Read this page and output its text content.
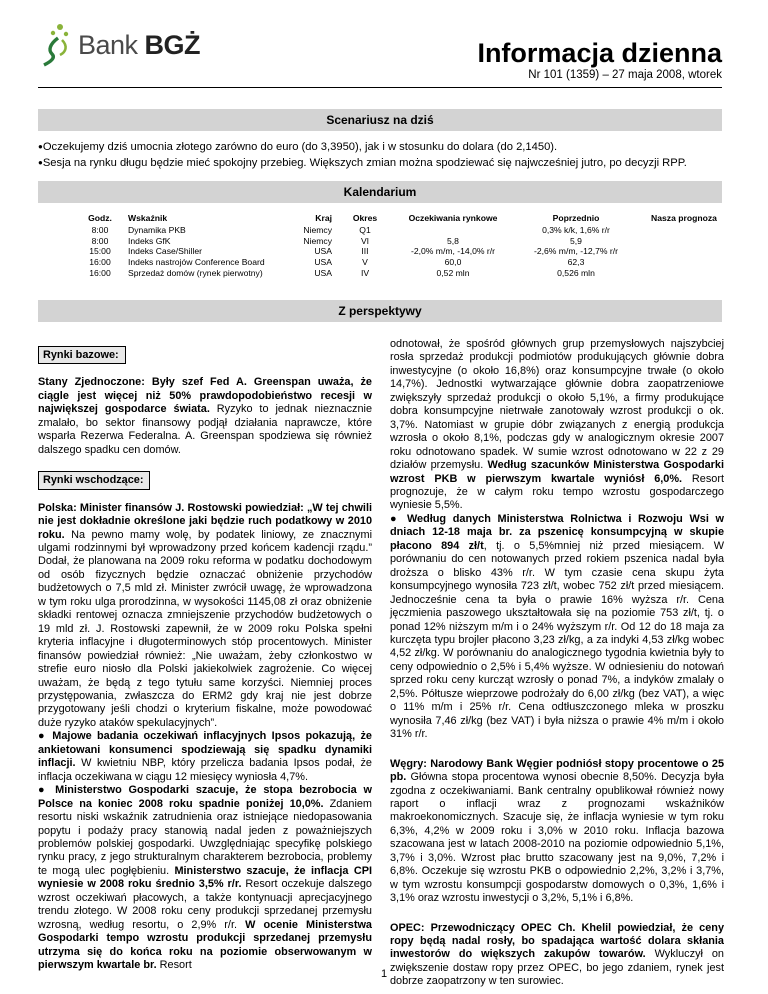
Bank BGŻ	Informacja dzienna
Nr 101 (1359) – 27 maja 2008, wtorek
Scenariusz na dziś
● Oczekujemy dziś umocnia złotego zarówno do euro (do 3,3950), jak i w stosunku do dolara (do 2,1450).
● Sesja na rynku długu będzie mieć spokojny przebieg. Większych zmian można spodziewać się najwcześniej jutro, po decyzji RPP.
Kalendarium
Godz.	Wskaźnik	Kraj	Okres	Oczekiwania rynkowe	Poprzednio	Nasza prognoza
8:00	Dynamika PKB	Niemcy	Q1		0,3% k/k, 1,6% r/r	
8:00	Indeks GfK	Niemcy	VI	5,8	5,9	
15:00	Indeks Case/Shiller	USA	III	-2,0% m/m, -14,0% r/r	-2,6% m/m, -12,7% r/r	
16:00	Indeks nastrojów Conference Board	USA	V	60,0	62,3	
16:00	Sprzedaż domów (rynek pierwotny)	USA	IV	0,52 mln	0,526 mln	
Z perspektywy
Rynki bazowe:

Stany Zjednoczone: Były szef Fed A. Greenspan uważa, że ciągle jest więcej niż 50% prawdopodobieństwo recesji w największej gospodarce świata. Ryzyko to jednak nieznacznie zmalało, bo sektor finansowy podjął działania naprawcze, które wsparła Rezerwa Federalna. A. Greenspan spodziewa się również dalszego spadku cen domów.

Rynki wschodzące:

Polska: Minister finansów J. Rostowski powiedział: „W tej chwili nie jest dokładnie określone jaki będzie ruch podatkowy w 2010 roku. Na pewno mamy wolę, by podatek liniowy, ze znacznymi ulgami rodzinnymi był wprowadzony przed końcem kadencji rządu.” Dodał, że planowana na 2009 roku reforma w podatku dochodowym od osób fizycznych będzie oznaczać obniżenie przychodów budżetowych o 7,5 mld zł. Minister zwrócił uwagę, że wprowadzona w tym roku ulga prorodzinna, w wysokości 1145,08 zł oraz obniżenie składki rentowej oznacza zmniejszenie przychodów budżetowych o 19 mld zł. J. Rostowski zapewnił, że w 2009 roku Polska spełni kryteria inflacyjne i długoterminowych stóp procentowych. Minister finansów powiedział również: „Nie uważam, żeby członkostwo w strefie euro niosło dla Polski jakiekolwiek zagrożenie. Co więcej uważam, że będą z tego tytułu same korzyści. Niemniej proces przystępowania, zwłaszcza do ERM2 gdy kraj nie jest dobrze przygotowany jeśli chodzi o kryterium fiskalne, może powodować duże ryzyko ataków spekulacyjnych”.

● Majowe badania oczekiwań inflacyjnych Ipsos pokazują, że ankietowani konsumenci spodziewają się spadku dynamiki inflacji. W kwietniu NBP, który przelicza badania Ipsos podał, że inflacja oczekiwana w ciągu 12 miesięcy wyniosła 4,7%.

● Ministerstwo Gospodarki szacuje, że stopa bezrobocia w Polsce na koniec 2008 roku spadnie poniżej 10,0%. Zdaniem resortu niski wskaźnik zatrudnienia oraz istniejące niedopasowania popytu i podaży pracy stanowią nadal jeden z poważniejszych problemów polskiej gospodarki. Uwzględniając specyfikę polskiego rynku pracy, z jego strukturalnym charakterem bezrobocia, problemy te mogą ulec pogłębieniu. Ministerstwo szacuje, że inflacja CPI wyniesie w 2008 roku średnio 3,5% r/r. Resort oczekuje dalszego wzrost oczekiwań płacowych, a także kontynuacji aprecjacyjnego trendu złotego. W 2008 roku ceny produkcji sprzedanej przemysłu wzrosną, według resortu, o 2,9% r/r. W ocenie Ministerstwa Gospodarki tempo wzrostu produkcji sprzedanej przemysłu utrzyma się do końca roku na poziomie obserwowanym w pierwszym kwartale br. Resort

odnotował, że spośród głównych grup przemysłowych najszybciej rosła sprzedaż produkcji podmiotów produkujących głównie dobra inwestycyjne (o około 16,8%) oraz konsumpcyjne trwałe (o około 14,7%). Jednostki wytwarzające głównie dobra zaopatrzeniowe zwiększyły sprzedaż produkcji o około 5,1%, a firmy produkujące dobra konsumpcyjne nietrwałe zanotowały wzrost produkcji o ok. 3,7%. Natomiast w grupie dóbr związanych z energią produkcja wzrosła o około 8,1%, podczas gdy w analogicznym okresie 2007 roku odnotowano spadek. W sumie wzrost odnotowano w 22 z 29 działów przemysłu. Według szacunków Ministerstwa Gospodarki wzrost PKB w pierwszym kwartale wyniósł 6,0%. Resort prognozuje, że w całym roku tempo wzrostu gospodarczego wyniesie 5,5%.

● Według danych Ministerstwa Rolnictwa i Rozwoju Wsi w dniach 12-18 maja br. za pszenicę konsumpcyjną w skupie płacono 894 zł/t, tj. o 5,5%mniej niż przed miesiącem. W porównaniu do cen notowanych przed rokiem pszenica nadal była droższa o blisko 43% r/r. W tym czasie cena skupu żyta konsumpcyjnego wynosiła 723 zł/t, wobec 752 zł/t przed miesiącem. Jednocześnie cena ta była o prawie 16% wyższa r/r. Cena jęczmienia paszowego ukształtowała się na poziomie 753 zł/t, tj. o ponad 12% niższym m/m i o 24% wyższym r/r. Od 12 do 18 maja za kurczęta typu brojler płacono 3,23 zł/kg, a za indyki 4,53 zł/kg wobec 4,52 zł/kg. W porównaniu do analogicznego tygodnia kwietnia były to ceny odpowiednio o 2,5% i 5,4% wyższe. W odniesieniu do notowań sprzed roku ceny kurcząt wzrosły o ponad 7%, a indyków zmalały o 2,5%. Półtusze wieprzowe podrożały do 6,00 zł/kg (bez VAT), a więc o 11% m/m i 25% r/r. Cena odtłuszczonego mleka w proszku wynosiła 7,46 zł/kg (bez VAT) i była niższa o prawie 4% m/m i około 31% r/r.

Węgry: Narodowy Bank Węgier podniósł stopy procentowe o 25 pb. Główna stopa procentowa wynosi obecnie 8,50%. Decyzja była zgodna z oczekiwaniami. Bank centralny opublikował również nowy raport o inflacji wraz z prognozami wskaźników makroekonomicznych. Szacuje się, że inflacja wyniesie w tym roku 6,3%, 4,2% w 2009 roku i 3,0% w 2010 roku. Inflacja bazowa szacowana jest w latach 2008-2010 na poziomie odpowiednio 5,1%, 3,7% i 3,0%. Wzrost płac brutto szacowany jest na 9,0%, 7,2% i 6,8%. Oczekuje się wzrostu PKB o odpowiednio 2,2%, 3,2% i 3,7%, w tym wzrostu konsumpcji gospodarstw domowych o 0,3%, 1,6% i 3,1% oraz wzrostu inwestycji o 3,2%, 5,1% i 6,8%.

OPEC: Przewodniczący OPEC Ch. Khelil powiedział, że ceny ropy będą nadal rosły, bo spadająca wartość dolara skłania inwestorów do większych zakupów towarów. Wykluczył on zwiększenie dostaw ropy przez OPEC, bo jego zdaniem, rynek jest dobrze zaopatrzony w ten surowiec.

1
